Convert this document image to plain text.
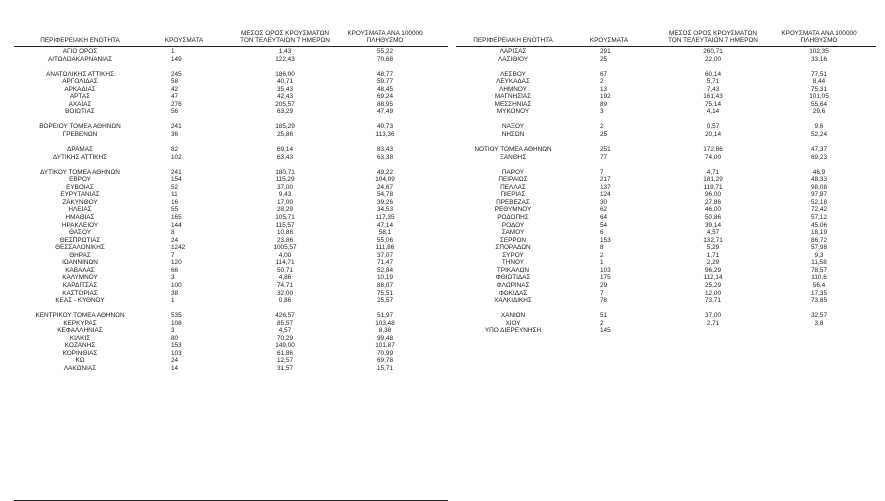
ΠΕΡΙΦΕΡΕΙΑΚΗ ΕΝΟΤΗΤΑ	ΚΡΟΥΣΜΑΤΑ
ΜΕΣΟΣ ΟΡΟΣ ΚΡΟΥΣΜΑΤΩΝ
ΤΟΝ ΤΕΛΕΥΤΑΙΩΝ 7 ΗΜΕΡΩΝ
ΚΡΟΥΣΜΑΤΑ ΑΝΑ 100000
ΠΛΗΘΥΣΜΟ
ΑΓΙΟ ΟΡΟΣ	1	1,43	55,22
ΑΙΤΩΛΟΑΚΑΡΝΑΝΙΑΣ	149	122,43	70,68
ΑΝΑΤΟΛΙΚΗΣ ΑΤΤΙΚΗΣ	245	186,00	48,77
ΑΡΓΟΛΙΔΑΣ	58	40,71	59,77
ΑΡΚΑΔΙΑΣ	42	35,43	48,45
ΑΡΤΑΣ	47	42,43	69,24
ΑΧΑΪΑΣ	276	205,57	88,95
ΒΟΙΩΤΙΑΣ	56	63,29	47,49
ΒΟΡΕΙΟΥ ΤΟΜΕΑ ΑΘΗΝΩΝ	241	185,29	40,73
ΓΡΕΒΕΝΩΝ	36	25,86	113,36
ΔΡΑΜΑΣ	82	69,14	83,43
ΔΥΤΙΚΗΣ ΑΤΤΙΚΗΣ	102	63,43	63,38
ΔΥΤΙΚΟΥ ΤΟΜΕΑ ΑΘΗΝΩΝ	241	180,71	49,22
ΕΒΡΟΥ	154	115,29	104,09
ΕΥΒΟΙΑΣ	52	37,00	24,67
ΕΥΡΥΤΑΝΙΑΣ	11	9,43	54,78
ΖΑΚΥΝΘΟΥ	16	17,00	39,26
ΗΛΕΙΑΣ	55	28,29	34,53
ΗΜΑΘΙΑΣ	165	105,71	117,35
ΗΡΑΚΛΕΙΟΥ	144	115,57	47,14
ΘΑΣΟΥ	8	10,86	58,1
ΘΕΣΠΡΩΤΙΑΣ	24	23,86	55,06
ΘΕΣΣΑΛΟΝΙΚΗΣ	1242	1005,57	111,86
ΘΗΡΑΣ	7	4,00	37,07
ΙΩΑΝΝΙΝΩΝ	120	114,71	71,47
ΚΑΒΑΛΑΣ	66	50,71	52,84
ΚΑΛΥΜΝΟΥ	3	4,86	10,19
ΚΑΡΔΙΤΣΑΣ	100	74,71	88,07
ΚΑΣΤΟΡΙΑΣ	38	32,00	75,51
ΚΕΑΣ - ΚΥΘΝΟΥ	1	0,86	25,57
ΚΕΝΤΡΙΚΟΥ ΤΟΜΕΑ ΑΘΗΝΩΝ	535	426,57	51,97
ΚΕΡΚΥΡΑΣ	108	85,57	103,48
ΚΕΦΑΛΛΗΝΙΑΣ	3	4,57	8,38
ΚΙΛΚΙΣ	80	70,29	99,48
ΚΟΖΑΝΗΣ	153	149,00	101,87
ΚΟΡΙΝΘΙΑΣ	103	61,86	70,99
ΚΩ	24	12,57	69,78
ΛΑΚΩΝΙΑΣ	14	31,57	15,71
ΠΕΡΙΦΕΡΕΙΑΚΗ ΕΝΟΤΗΤΑ	ΚΡΟΥΣΜΑΤΑ
ΜΕΣΟΣ ΟΡΟΣ ΚΡΟΥΣΜΑΤΩΝ
ΤΟΝ ΤΕΛΕΥΤΑΙΩΝ 7 ΗΜΕΡΩΝ
ΚΡΟΥΣΜΑΤΑ ΑΝΑ 100000
ΠΛΗΘΥΣΜΟ
ΛΑΡΙΣΑΣ	291	260,71	102,35
ΛΑΣΙΘΙΟΥ	25	22,00	33,16
ΛΕΣΒΟΥ	67	60,14	77,51
ΛΕΥΚΑΔΑΣ	2	5,71	8,44
ΛΗΜΝΟΥ	13	7,43	75,31
ΜΑΓΝΗΣΙΑΣ	192	161,43	101,05
ΜΕΣΣΗΝΙΑΣ	89	75,14	55,64
ΜΥΚΟΝΟΥ	3	4,14	29,6
ΝΑΞΟΥ	2	0,57	9,6
ΝΗΣΩΝ	25	20,14	52,24
ΝΟΤΙΟΥ ΤΟΜΕΑ ΑΘΗΝΩΝ	251	172,86	47,37
ΞΑΝΘΗΣ	77	74,00	69,23
ΠΑΡΟΥ	7	4,71	46,9
ΠΕΙΡΑΙΩΣ	217	181,29	48,33
ΠΕΛΛΑΣ	137	119,71	98,08
ΠΙΕΡΙΑΣ	124	96,00	97,87
ΠΡΕΒΕΖΑΣ	30	27,86	52,18
ΡΕΘΥΜΝΟΥ	62	46,00	72,42
ΡΟΔΟΠΗΣ	64	50,86	57,12
ΡΟΔΟΥ	54	39,14	45,06
ΣΑΜΟΥ	6	4,57	18,19
ΣΕΡΡΩΝ	153	132,71	86,72
ΣΠΟΡΑΔΩΝ	8	5,29	57,98
ΣΥΡΟΥ	2	1,71	9,3
ΤΗΝΟΥ	1	2,29	11,58
ΤΡΙΚΑΛΩΝ	103	96,29	78,57
ΦΘΙΩΤΙΔΑΣ	175	112,14	110,6
ΦΛΩΡΙΝΑΣ	29	25,29	56,4
ΦΩΚΙΔΑΣ	7	12,00	17,35
ΧΑΛΚΙΔΙΚΗΣ	78	73,71	73,65
ΧΑΝΙΩΝ	51	37,00	32,57
ΧΙΟΥ	2	2,71	3,8
ΥΠΟ ΔΙΕΡΕΥΝΗΣΗ	145
